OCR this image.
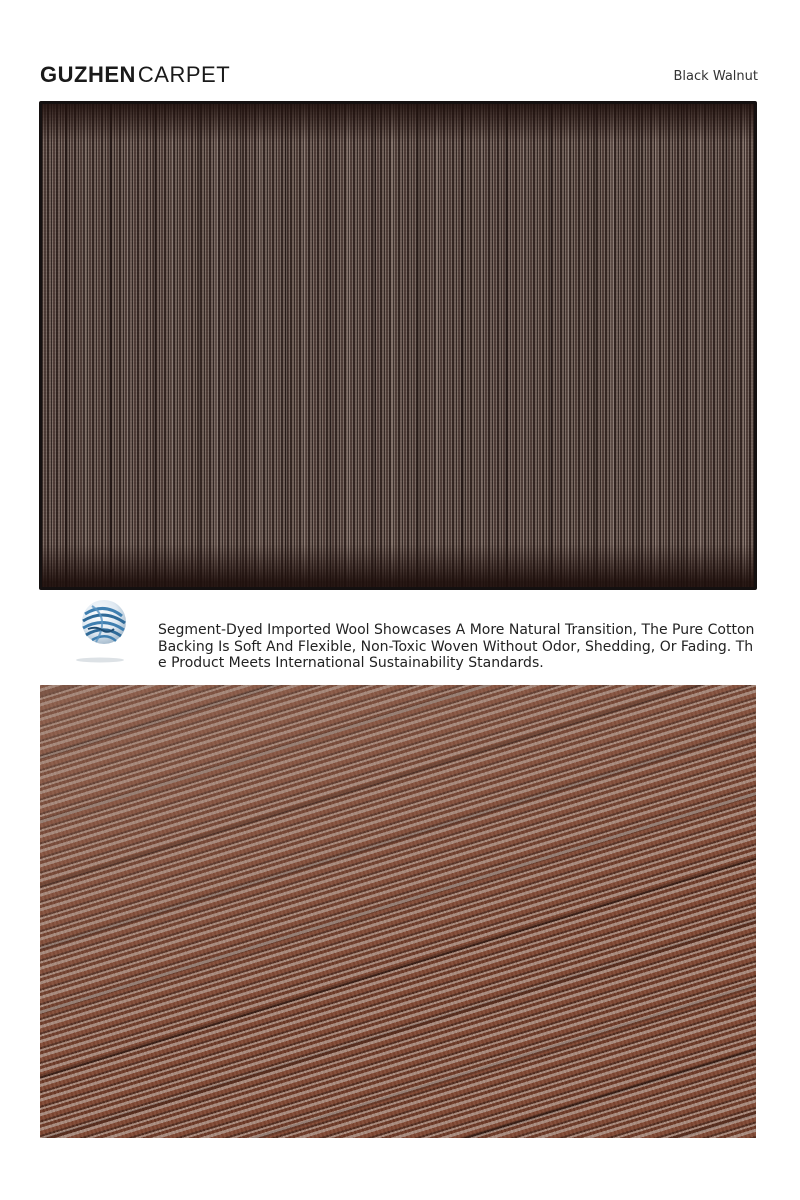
GUZHEN CARPET	Black Walnut
Segment-Dyed Imported Wool Showcases A More Natural Transition, The Pure Cotton Backing Is Soft And Flexible, Non-Toxic Woven Without Odor, Shedding, Or Fading. The Product Meets International Sustainability Standards.
